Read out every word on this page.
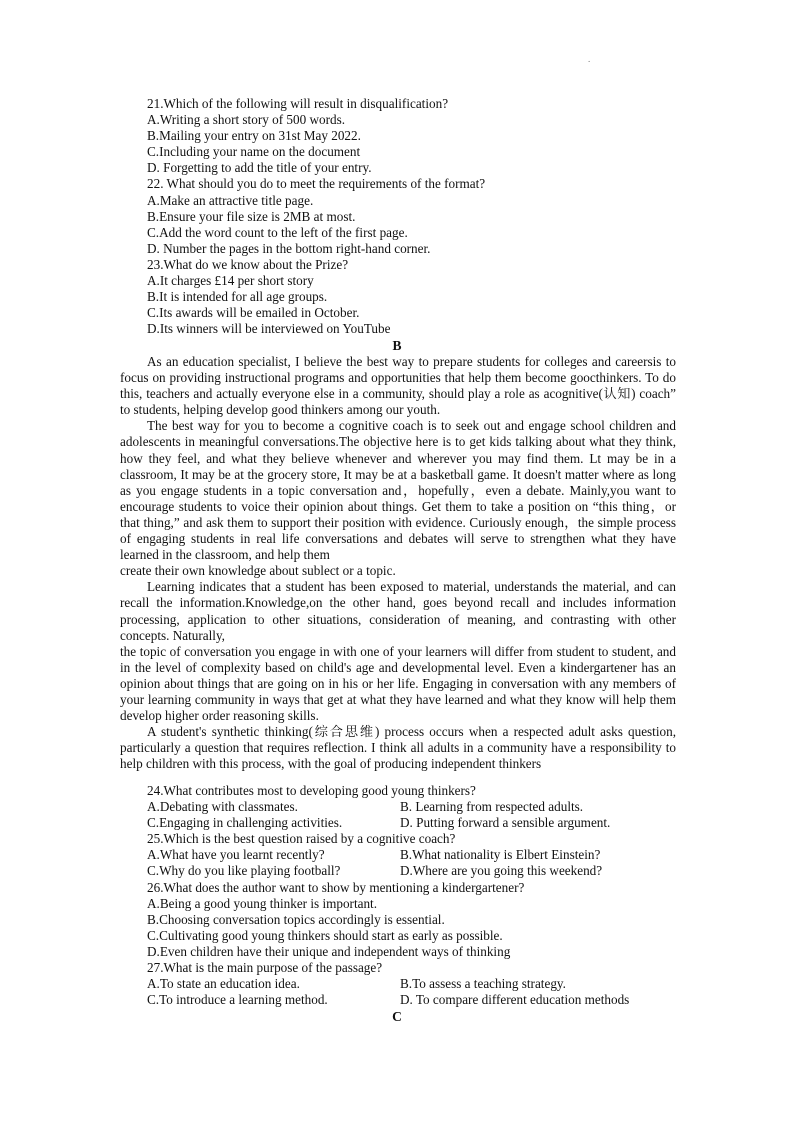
.
21.Which of the following will result in disqualification?
A.Writing a short story of 500 words.
B.Mailing your entry on 31st May 2022.
C.Including your name on the document
D. Forgetting to add the title of your entry.
22. What should you do to meet the requirements of the format?
A.Make an attractive title page.
B.Ensure your file size is 2MB at most.
C.Add the word count to the left of the first page.
D. Number the pages in the bottom right-hand corner.
23.What do we know about the Prize?
A.It charges £14 per short story
B.It is intended for all age groups.
C.Its awards will be emailed in October.
D.Its winners will be interviewed on YouTube
B

As an education specialist, I believe the best way to prepare students for colleges and careersis to focus on providing instructional programs and opportunities that help them become goocthinkers. To do this, teachers and actually everyone else in a community, should play a role as acognitive(认知) coach” to students, helping develop good thinkers among our youth.

The best way for you to become a cognitive coach is to seek out and engage school children and adolescents in meaningful conversations.The objective here is to get kids talking about what they think, how they feel, and what they believe whenever and wherever you may find them. Lt may be in a classroom, It may be at the grocery store, It may be at a basketball game. It doesn't matter where as long as you engage students in a topic conversation and，hopefully，even a debate. Mainly,you want to encourage students to voice their opinion about things. Get them to take a position on “this thing，or that thing,” and ask them to support their position with evidence. Curiously enough，the simple process of engaging students in real life conversations and debates will serve to strengthen what they have learned in the classroom, and help them

create their own knowledge about sublect or a topic.

Learning indicates that a student has been exposed to material, understands the material, and can recall the information.Knowledge,on the other hand, goes beyond recall and includes information processing, application to other situations, consideration of meaning, and contrasting with other concepts. Naturally,

the topic of conversation you engage in with one of your learners will differ from student to student, and in the level of complexity based on child's age and developmental level. Even a kindergartener has an opinion about things that are going on in his or her life. Engaging in conversation with any members of your learning community in ways that get at what they have learned and what they know will help them develop higher order reasoning skills.

A student's synthetic thinking(综合思维) process occurs when a respected adult asks question, particularly a question that requires reflection. I think all adults in a community have a responsibility to help children with this process, with the goal of producing independent thinkers

24.What contributes most to developing good young thinkers?
A.Debating with classmates.	B. Learning from respected adults.
C.Engaging in challenging activities.	D. Putting forward a sensible argument.
25.Which is the best question raised by a cognitive coach?
A.What have you learnt recently?	B.What nationality is Elbert Einstein?
C.Why do you like playing football?	D.Where are you going this weekend?
26.What does the author want to show by mentioning a kindergartener?
A.Being a good young thinker is important.
B.Choosing conversation topics accordingly is essential.
C.Cultivating good young thinkers should start as early as possible.
D.Even children have their unique and independent ways of thinking
27.What is the main purpose of the passage?
A.To state an education idea.	B.To assess a teaching strategy.
C.To introduce a learning method.	D. To compare different education methods
C
